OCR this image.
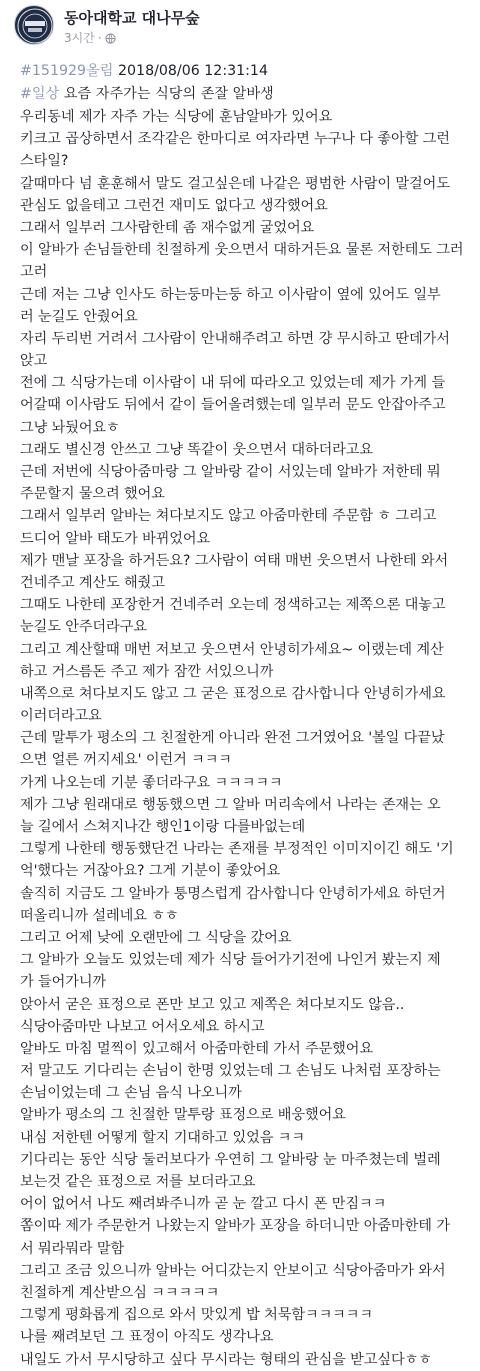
동아대학교 대나무숲
3시간 ·
#151929올림 2018/08/06 12:31:14
#일상 요즘 자주가는 식당의 존잘 알바생
우리동네 제가 자주 가는 식당에 훈남알바가 있어요
키크고 곱상하면서 조각같은 한마디로 여자라면 누구나 다 좋아할 그런
스타일?
갈때마다 넘 훈훈해서 말도 걸고싶은데 나같은 평범한 사람이 말걸어도
관심도 없을테고 그런건 재미도 없다고 생각했어요
그래서 일부러 그사람한테 좀 재수없게 굴었어요
이 알바가 손님들한테 친절하게 웃으면서 대하거든요 물론 저한테도 그러
고러
근데 저는 그냥 인사도 하는둥마는둥 하고 이사람이 옆에 있어도 일부
러 눈길도 안줬어요
자리 두리번 거려서 그사람이 안내해주려고 하면 걍 무시하고 딴데가서
앉고
전에 그 식당가는데 이사람이 내 뒤에 따라오고 있었는데 제가 가게 들
어갈때 이사람도 뒤에서 같이 들어올려했는데 일부러 문도 안잡아주고
그냥 놔뒀어요ㅎ
그래도 별신경 안쓰고 그냥 똑같이 웃으면서 대하더라고요
근데 저번에 식당아줌마랑 그 알바랑 같이 서있는데 알바가 저한테 뭐
주문할지 물으려 했어요
그래서 일부러 알바는 쳐다보지도 않고 아줌마한테 주문함 ㅎ 그리고
드디어 알바 태도가 바뀌었어요
제가 맨날 포장을 하거든요? 그사람이 여태 매번 웃으면서 나한테 와서
건네주고 계산도 해줬고
그때도 나한테 포장한거 건네주러 오는데 정색하고는 제쪽으론 대놓고
눈길도 안주더라구요
그리고 계산할때 매번 저보고 웃으면서 안녕히가세요~ 이랬는데 계산
하고 거스름돈 주고 제가 잠깐 서있으니까
내쪽으로 쳐다보지도 않고 그 굳은 표정으로 감사합니다 안녕히가세요
이러더라고요
근데 말투가 평소의 그 친절한게 아니라 완전 그거였어요 '볼일 다끝났
으면 얼른 꺼지세요' 이런거 ㅋㅋㅋ
가게 나오는데 기분 좋더라구요 ㅋㅋㅋㅋㅋ
제가 그냥 원래대로 행동했으면 그 알바 머리속에서 나라는 존재는 오
늘 길에서 스쳐지나간 행인1이랑 다를바없는데
그렇게 나한테 행동했단건 나라는 존재를 부정적인 이미지이긴 해도 '기
억'했다는 거잖아요? 그게 기분이 좋았어요
솔직히 지금도 그 알바가 퉁명스럽게 감사합니다 안녕히가세요 하던거
떠올리니까 설레네요 ㅎㅎ
그리고 어제 낮에 오랜만에 그 식당을 갔어요
그 알바가 오늘도 있었는데 제가 식당 들어가기전에 나인거 봤는지 제
가 들어가니까
앉아서 굳은 표정으로 폰만 보고 있고 제쪽은 쳐다보지도 않음..
식당아줌마만 나보고 어서오세요 하시고
알바도 마침 멀찍이 있고해서 아줌마한테 가서 주문했어요
저 말고도 기다리는 손님이 한명 있었는데 그 손님도 나처럼 포장하는
손님이었는데 그 손님 음식 나오니까
알바가 평소의 그 친절한 말투랑 표정으로 배웅했어요
내심 저한텐 어떻게 할지 기대하고 있었음 ㅋㅋ
기다리는 동안 식당 둘러보다가 우연히 그 알바랑 눈 마주쳤는데 벌레
보는것 같은 표정으로 저를 보더라고요
어이 없어서 나도 째려봐주니까 곧 눈 깔고 다시 폰 만짐ㅋㅋ
쫌이따 제가 주문한거 나왔는지 알바가 포장을 하더니만 아줌마한테 가
서 뭐라뭐라 말함
그리고 조금 있으니까 알바는 어디갔는지 안보이고 식당아줌마가 와서
친절하게 계산받으심 ㅋㅋㅋㅋㅋ
그렇게 평화롭게 집으로 와서 맛있게 밥 처묵함ㅋㅋㅋㅋㅋ
나를 째려보던 그 표정이 아직도 생각나요
내일도 가서 무시당하고 싶다 무시라는 형태의 관심을 받고싶다ㅎㅎ
